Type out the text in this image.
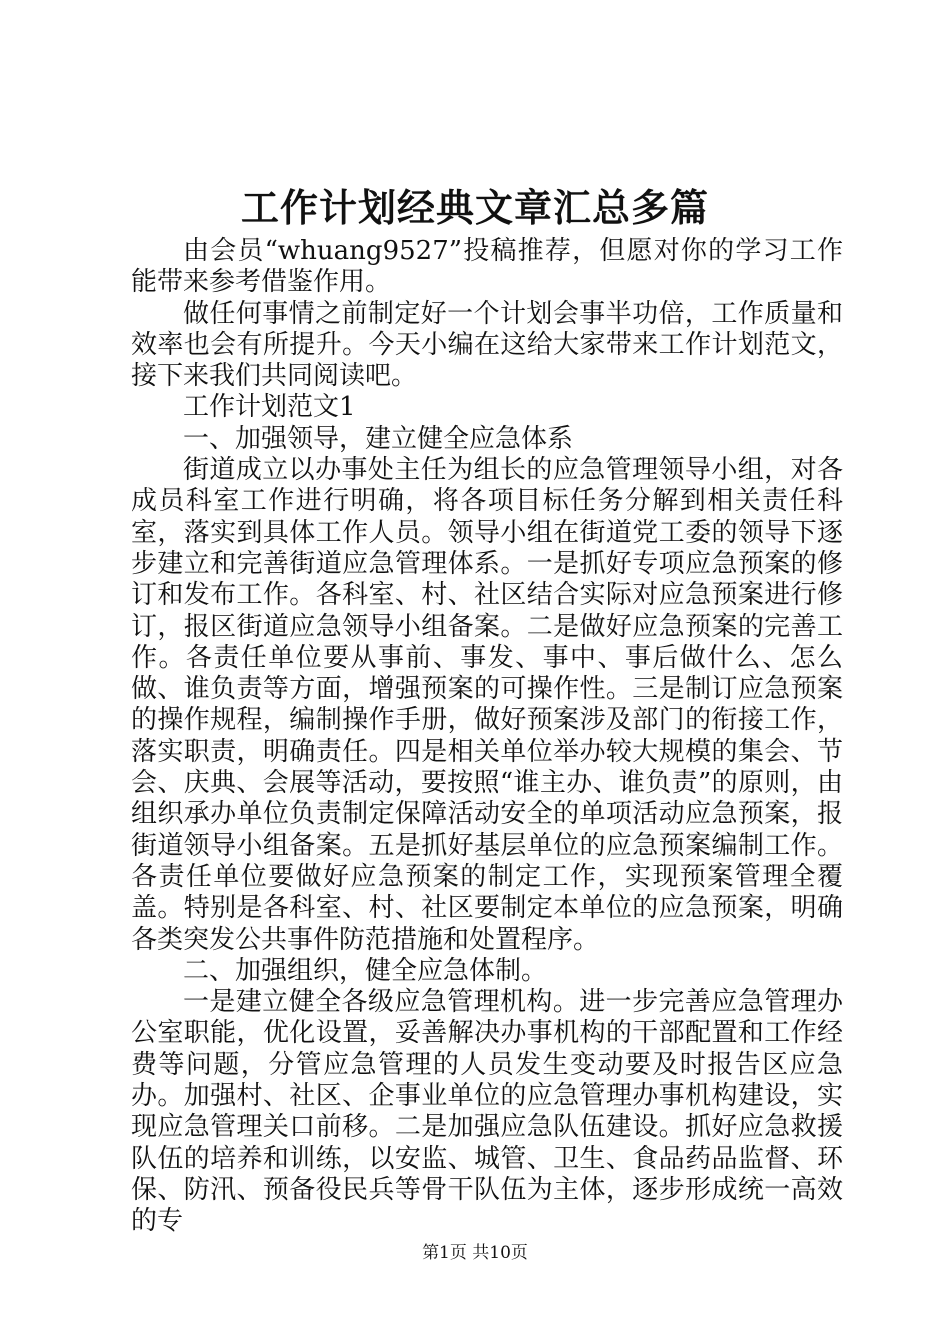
工作计划经典文章汇总多篇

由会员“whuang9527”投稿推荐，但愿对你的学习工作能带来参考借鉴作用。

做任何事情之前制定好一个计划会事半功倍，工作质量和效率也会有所提升。今天小编在这给大家带来工作计划范文，接下来我们共同阅读吧。

工作计划范文1

一、加强领导，建立健全应急体系

街道成立以办事处主任为组长的应急管理领导小组，对各成员科室工作进行明确，将各项目标任务分解到相关责任科室，落实到具体工作人员。领导小组在街道党工委的领导下逐步建立和完善街道应急管理体系。一是抓好专项应急预案的修订和发布工作。各科室、村、社区结合实际对应急预案进行修订，报区街道应急领导小组备案。二是做好应急预案的完善工作。各责任单位要从事前、事发、事中、事后做什么、怎么做、谁负责等方面，增强预案的可操作性。三是制订应急预案的操作规程，编制操作手册，做好预案涉及部门的衔接工作，落实职责，明确责任。四是相关单位举办较大规模的集会、节会、庆典、会展等活动，要按照“谁主办、谁负责”的原则，由组织承办单位负责制定保障活动安全的单项活动应急预案，报街道领导小组备案。五是抓好基层单位的应急预案编制工作。各责任单位要做好应急预案的制定工作，实现预案管理全覆盖。特别是各科室、村、社区要制定本单位的应急预案，明确各类突发公共事件防范措施和处置程序。

二、加强组织，健全应急体制。

一是建立健全各级应急管理机构。进一步完善应急管理办公室职能，优化设置，妥善解决办事机构的干部配置和工作经费等问题，分管应急管理的人员发生变动要及时报告区应急办。加强村、社区、企事业单位的应急管理办事机构建设，实现应急管理关口前移。二是加强应急队伍建设。抓好应急救援队伍的培养和训练，以安监、城管、卫生、食品药品监督、环保、防汛、预备役民兵等骨干队伍为主体，逐步形成统一高效的专

第1页 共10页
